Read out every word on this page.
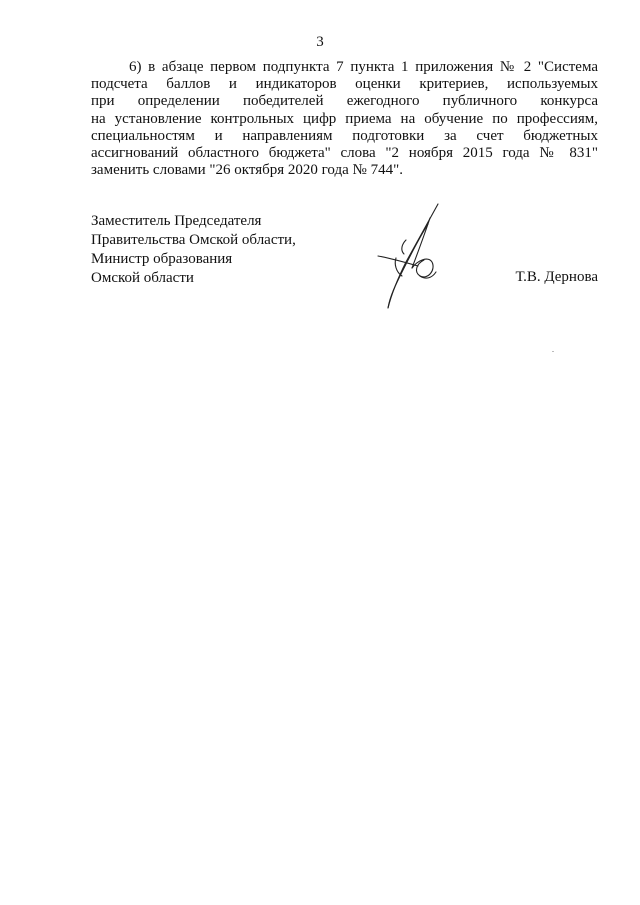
3
6) в абзаце первом подпункта 7 пункта 1 приложения № 2 "Система
подсчета баллов и индикаторов оценки критериев, используемых
при определении победителей ежегодного публичного конкурса
на установление контрольных цифр приема на обучение по профессиям,
специальностям и направлениям подготовки за счет бюджетных
ассигнований областного бюджета" слова "2 ноября 2015 года № 831"
заменить словами "26 октября 2020 года № 744".
Заместитель Председателя
Правительства Омской области,
Министр образования
Омской области	Т.В. Дернова
